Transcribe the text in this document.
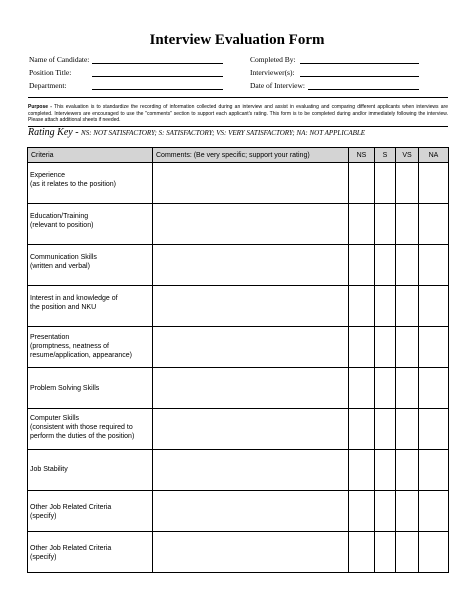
Interview Evaluation Form
Name of Candidate:
Position Title:
Department:
Completed By:
Interviewer(s):
Date of Interview:
Purpose - This evaluation is to standardize the recording of information collected during an interview and assist in evaluating and comparing different applicants when interviews are completed. Interviewers are encouraged to use the "comments" section to support each applicant's rating. This form is to be completed during and/or immediately following the interview. Please attach additional sheets if needed.
Rating Key - NS: NOT SATISFACTORY; S: SATISFACTORY; VS: VERY SATISFACTORY; NA: NOT APPLICABLE
Criteria	Comments: (Be very specific; support your rating)	NS	S	VS	NA
Experience
(as it relates to the position)					

Education/Training
(relevant to position)					

Communication Skills
(written and verbal)					

Interest in and knowledge of
the position and NKU					

Presentation
(promptness, neatness of resume/application, appearance)					

Problem Solving Skills

Computer Skills
(consistent with those required to perform the duties of the position)					

Job Stability

Other Job Related Criteria
(specify)					

Other Job Related Criteria
(specify)					
